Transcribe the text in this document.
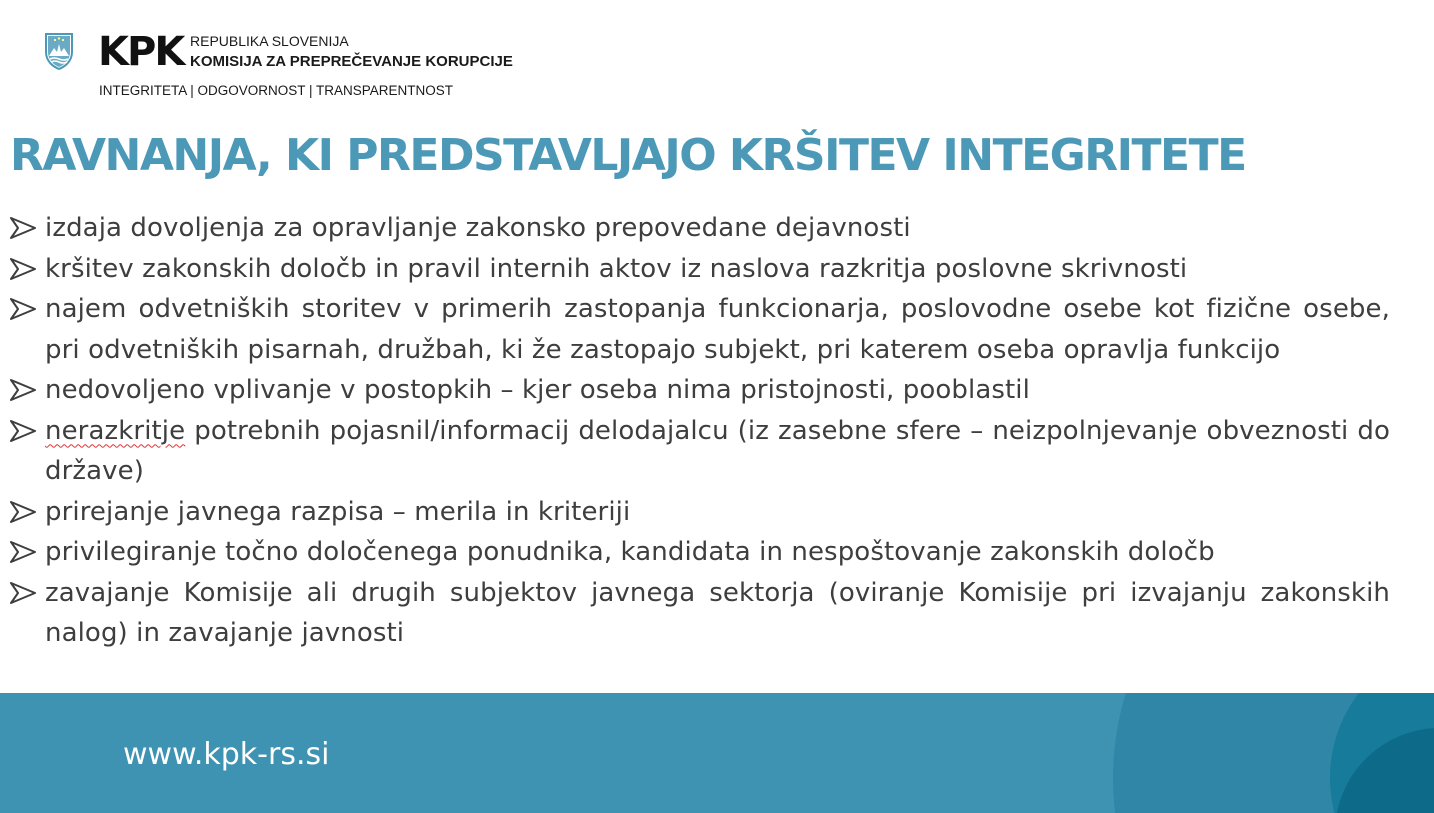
KPK REPUBLIKA SLOVENIJA
KOMISIJA ZA PREPREČEVANJE KORUPCIJE
INTEGRITETA | ODGOVORNOST | TRANSPARENTNOST
RAVNANJA, KI PREDSTAVLJAJO KRŠITEV INTEGRITETE
izdaja dovoljenja za opravljanje zakonsko prepovedane dejavnosti
kršitev zakonskih določb in pravil internih aktov iz naslova razkritja poslovne skrivnosti
najem odvetniških storitev v primerih zastopanja funkcionarja, poslovodne osebe kot fizične osebe, pri odvetniških pisarnah, družbah, ki že zastopajo subjekt, pri katerem oseba opravlja funkcijo
nedovoljeno vplivanje v postopkih – kjer oseba nima pristojnosti, pooblastil
nerazkritje potrebnih pojasnil/informacij delodajalcu (iz zasebne sfere – neizpolnjevanje obveznosti do države)
prirejanje javnega razpisa – merila in kriteriji
privilegiranje točno določenega ponudnika, kandidata in nespoštovanje zakonskih določb
zavajanje Komisije ali drugih subjektov javnega sektorja (oviranje Komisije pri izvajanju zakonskih nalog) in zavajanje javnosti
www.kpk-rs.si
